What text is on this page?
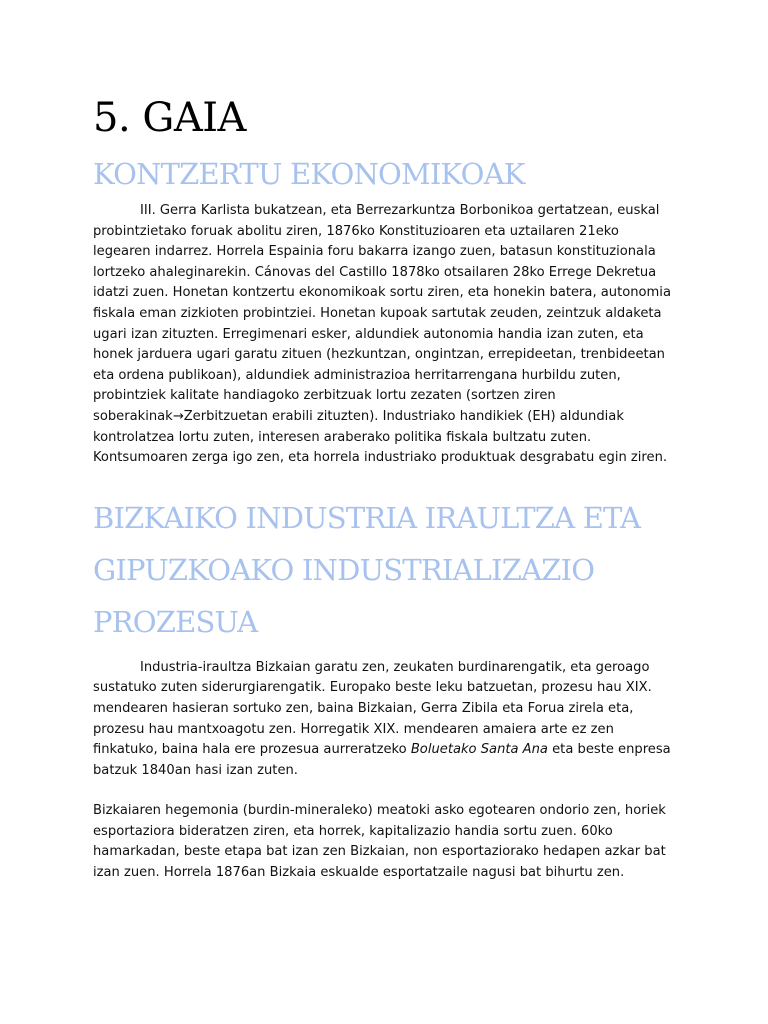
5. GAIA
KONTZERTU EKONOMIKOAK

III. Gerra Karlista bukatzean, eta Berrezarkuntza Borbonikoa gertatzean, euskal probintzietako foruak abolitu ziren, 1876ko Konstituzioaren eta uztailaren 21eko legearen indarrez. Horrela Espainia foru bakarra izango zuen, batasun konstituzionala lortzeko ahaleginarekin. Cánovas del Castillo 1878ko otsailaren 28ko Errege Dekretua idatzi zuen. Honetan kontzertu ekonomikoak sortu ziren, eta honekin batera, autonomia fiskala eman zizkioten probintziei. Honetan kupoak sartutak zeuden, zeintzuk aldaketa ugari izan zituzten. Erregimenari esker, aldundiek autonomia handia izan zuten, eta honek jarduera ugari garatu zituen (hezkuntzan, ongintzan, errepideetan, trenbideetan eta ordena publikoan), aldundiek administrazioa herritarrengana hurbildu zuten, probintziek kalitate handiagoko zerbitzuak lortu zezaten (sortzen ziren soberakinak→Zerbitzuetan erabili zituzten). Industriako handikiek (EH) aldundiak kontrolatzea lortu zuten, interesen araberako politika fiskala bultzatu zuten. Kontsumoaren zerga igo zen, eta horrela industriako produktuak desgrabatu egin ziren.

BIZKAIKO INDUSTRIA IRAULTZA ETA GIPUZKOAKO INDUSTRIALIZAZIO PROZESUA

Industria-iraultza Bizkaian garatu zen, zeukaten burdinarengatik, eta geroago sustatuko zuten siderurgiarengatik. Europako beste leku batzuetan, prozesu hau XIX. mendearen hasieran sortuko zen, baina Bizkaian, Gerra Zibila eta Forua zirela eta, prozesu hau mantxoagotu zen. Horregatik XIX. mendearen amaiera arte ez zen finkatuko, baina hala ere prozesua aurreratzeko Boluetako Santa Ana eta beste enpresa batzuk 1840an hasi izan zuten.

Bizkaiaren hegemonia (burdin-mineraleko) meatoki asko egotearen ondorio zen, horiek esportaziora bideratzen ziren, eta horrek, kapitalizazio handia sortu zuen. 60ko hamarkadan, beste etapa bat izan zen Bizkaian, non esportaziorako hedapen azkar bat izan zuen. Horrela 1876an Bizkaia eskualde esportatzaile nagusi bat bihurtu zen.
